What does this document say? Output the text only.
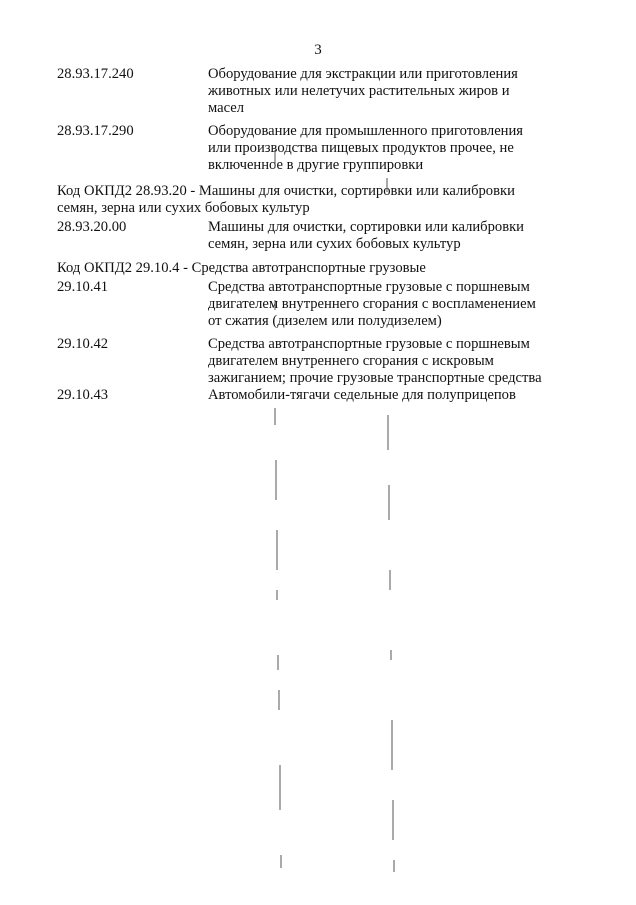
3
28.93.17.240	Оборудование для экстракции или приготовления
животных или нелетучих растительных жиров и
масел
28.93.17.290	Оборудование для промышленного приготовления
или производства пищевых продуктов прочее, не
включенное в другие группировки
Код ОКПД2 28.93.20 - Машины для очистки, сортировки или калибровки
семян, зерна или сухих бобовых культур
28.93.20.00	Машины для очистки, сортировки или калибровки
семян, зерна или сухих бобовых культур
Код ОКПД2 29.10.4 - Средства автотранспортные грузовые
29.10.41	Средства автотранспортные грузовые с поршневым
двигателем внутреннего сгорания с воспламенением
от сжатия (дизелем или полудизелем)
29.10.42	Средства автотранспортные грузовые с поршневым
двигателем внутреннего сгорания с искровым
зажиганием; прочие грузовые транспортные средства
29.10.43	Автомобили-тягачи седельные для полуприцепов
